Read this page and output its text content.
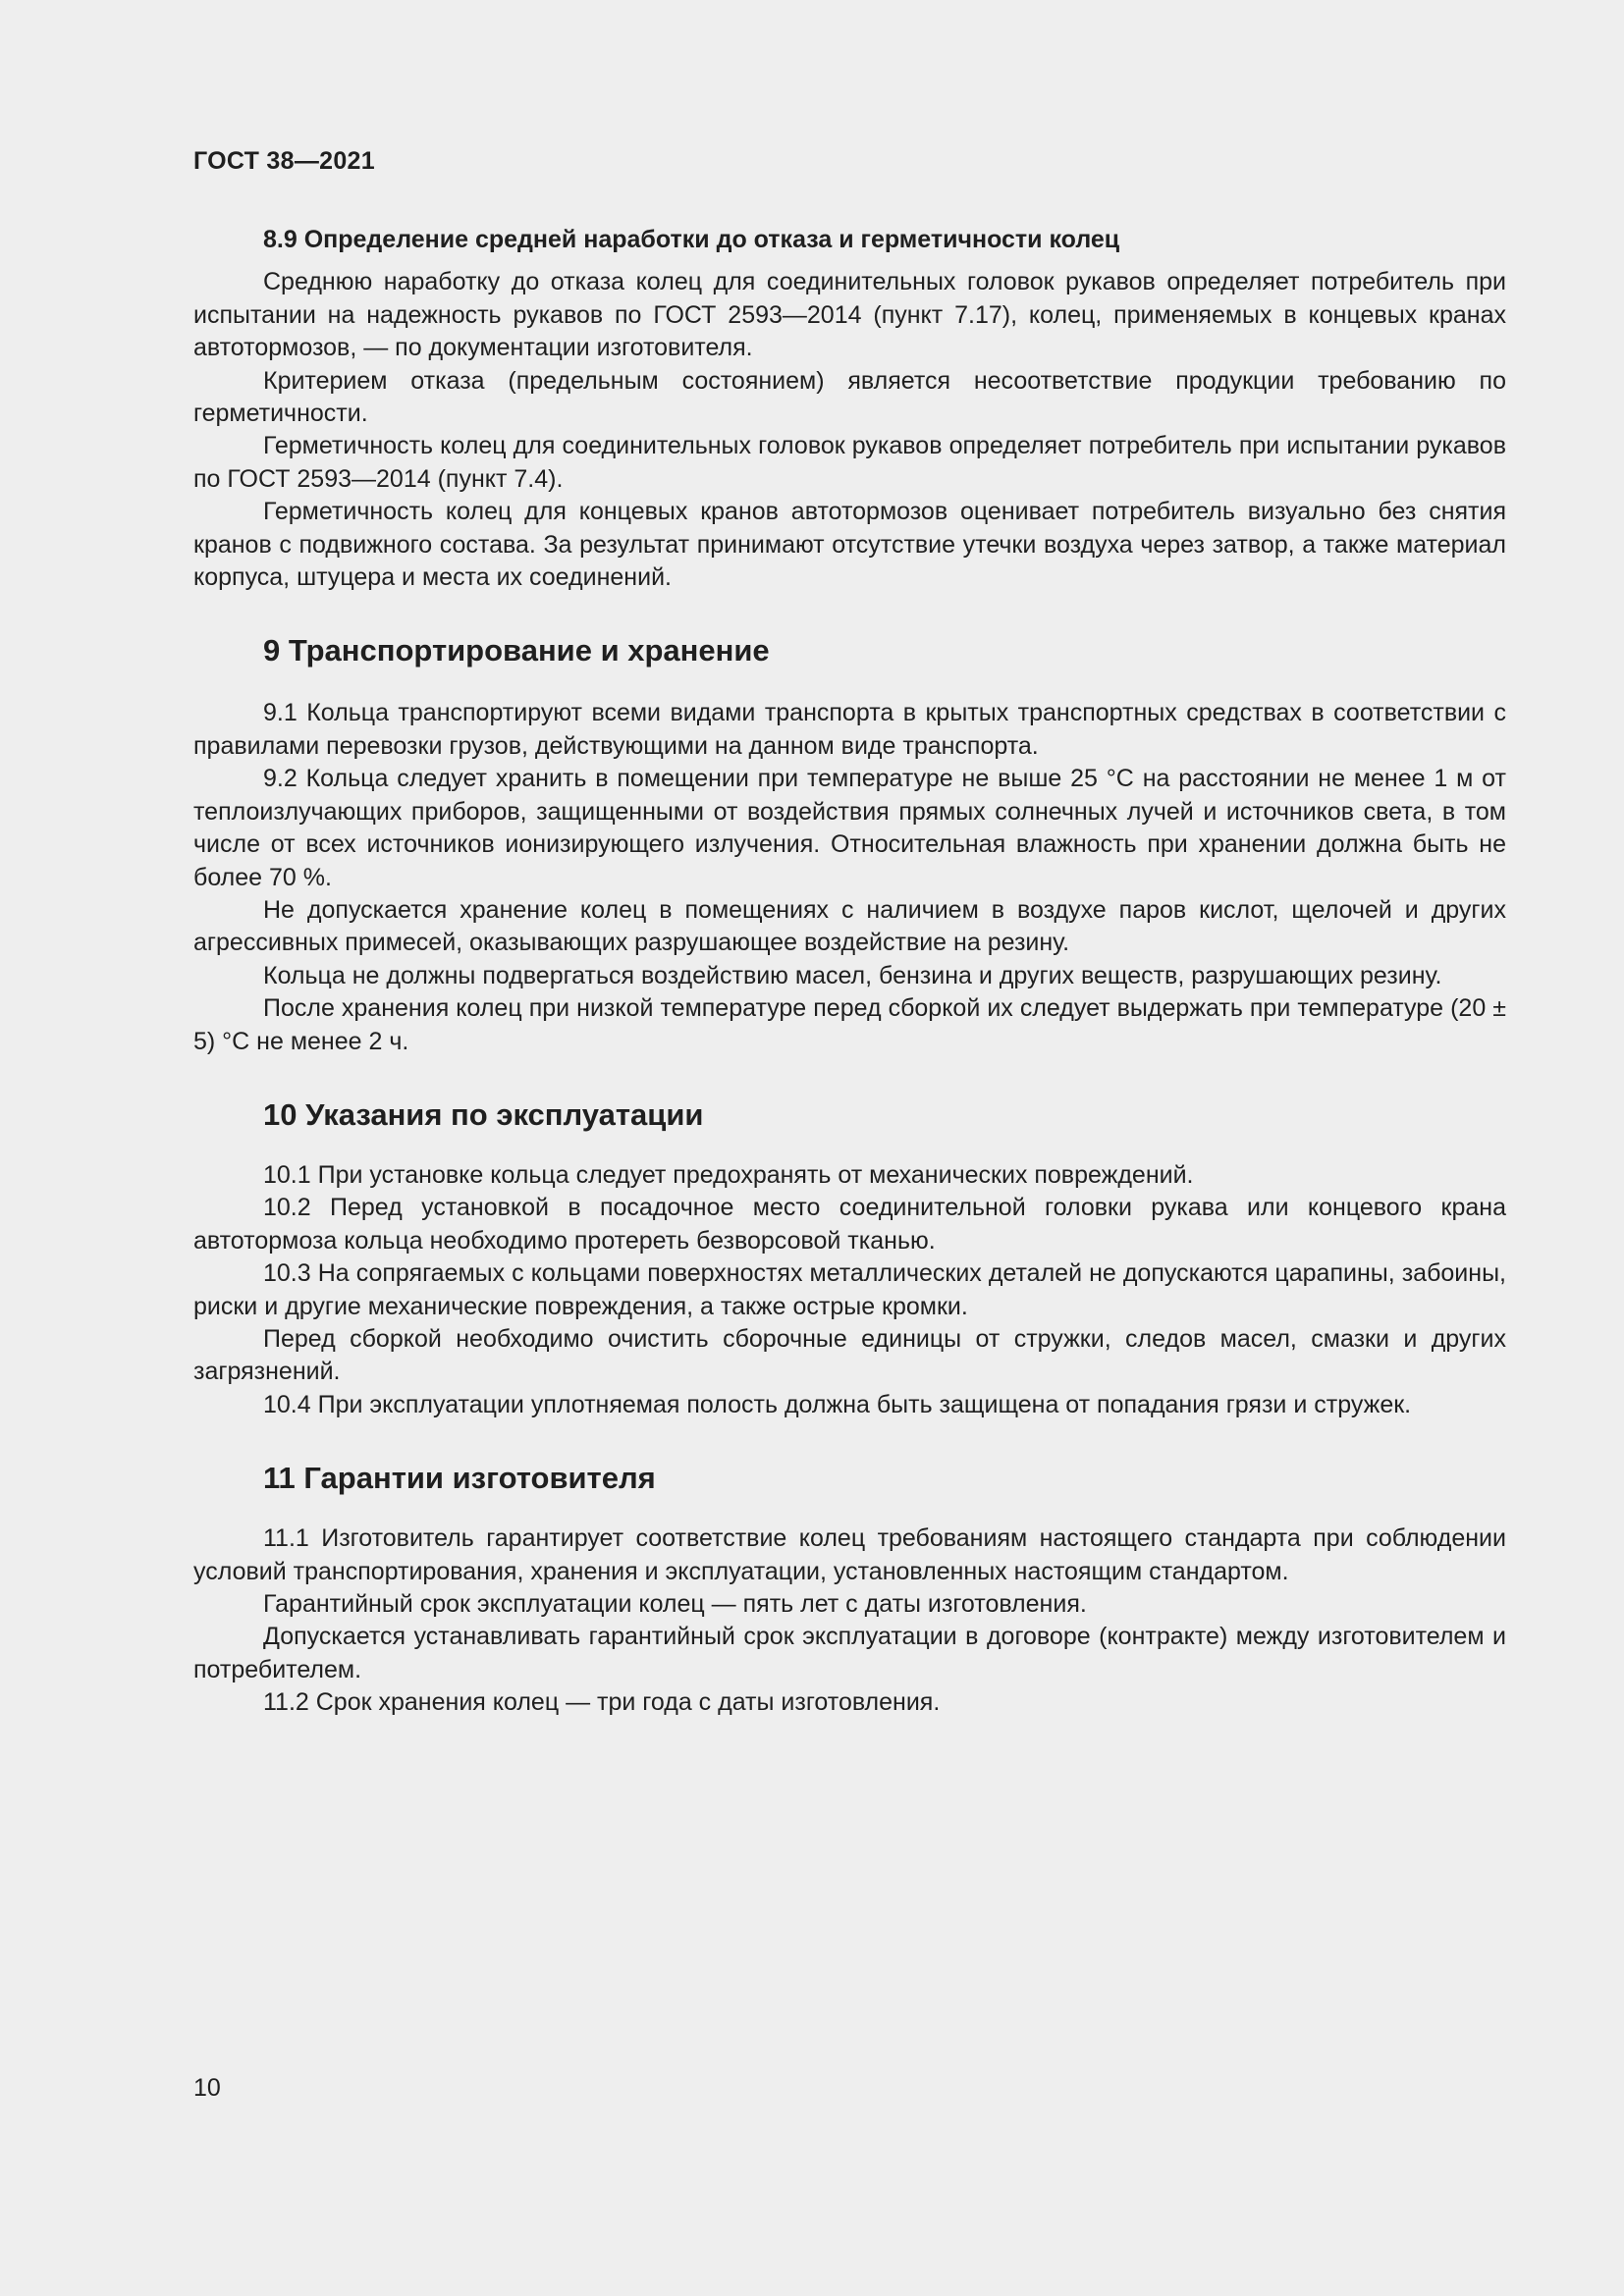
ГОСТ 38—2021
8.9 Определение средней наработки до отказа и герметичности колец

Среднюю наработку до отказа колец для соединительных головок рукавов определяет потребитель при испытании на надежность рукавов по ГОСТ 2593—2014 (пункт 7.17), колец, применяемых в концевых кранах автотормозов, — по документации изготовителя.

Критерием отказа (предельным состоянием) является несоответствие продукции требованию по герметичности.

Герметичность колец для соединительных головок рукавов определяет потребитель при испытании рукавов по ГОСТ 2593—2014 (пункт 7.4).

Герметичность колец для концевых кранов автотормозов оценивает потребитель визуально без снятия кранов с подвижного состава. За результат принимают отсутствие утечки воздуха через затвор, а также материал корпуса, штуцера и места их соединений.

9 Транспортирование и хранение

9.1 Кольца транспортируют всеми видами транспорта в крытых транспортных средствах в соответствии с правилами перевозки грузов, действующими на данном виде транспорта.

9.2 Кольца следует хранить в помещении при температуре не выше 25 °С на расстоянии не менее 1 м от теплоизлучающих приборов, защищенными от воздействия прямых солнечных лучей и источников света, в том числе от всех источников ионизирующего излучения. Относительная влажность при хранении должна быть не более 70 %.

Не допускается хранение колец в помещениях с наличием в воздухе паров кислот, щелочей и других агрессивных примесей, оказывающих разрушающее воздействие на резину.

Кольца не должны подвергаться воздействию масел, бензина и других веществ, разрушающих резину.

После хранения колец при низкой температуре перед сборкой их следует выдержать при температуре (20 ± 5) °С не менее 2 ч.

10 Указания по эксплуатации

10.1 При установке кольца следует предохранять от механических повреждений.

10.2 Перед установкой в посадочное место соединительной головки рукава или концевого крана автотормоза кольца необходимо протереть безворсовой тканью.

10.3 На сопрягаемых с кольцами поверхностях металлических деталей не допускаются царапины, забоины, риски и другие механические повреждения, а также острые кромки.

Перед сборкой необходимо очистить сборочные единицы от стружки, следов масел, смазки и других загрязнений.

10.4 При эксплуатации уплотняемая полость должна быть защищена от попадания грязи и стружек.

11 Гарантии изготовителя

11.1 Изготовитель гарантирует соответствие колец требованиям настоящего стандарта при соблюдении условий транспортирования, хранения и эксплуатации, установленных настоящим стандартом.

Гарантийный срок эксплуатации колец — пять лет с даты изготовления.

Допускается устанавливать гарантийный срок эксплуатации в договоре (контракте) между изготовителем и потребителем.

11.2 Срок хранения колец — три года с даты изготовления.

10
